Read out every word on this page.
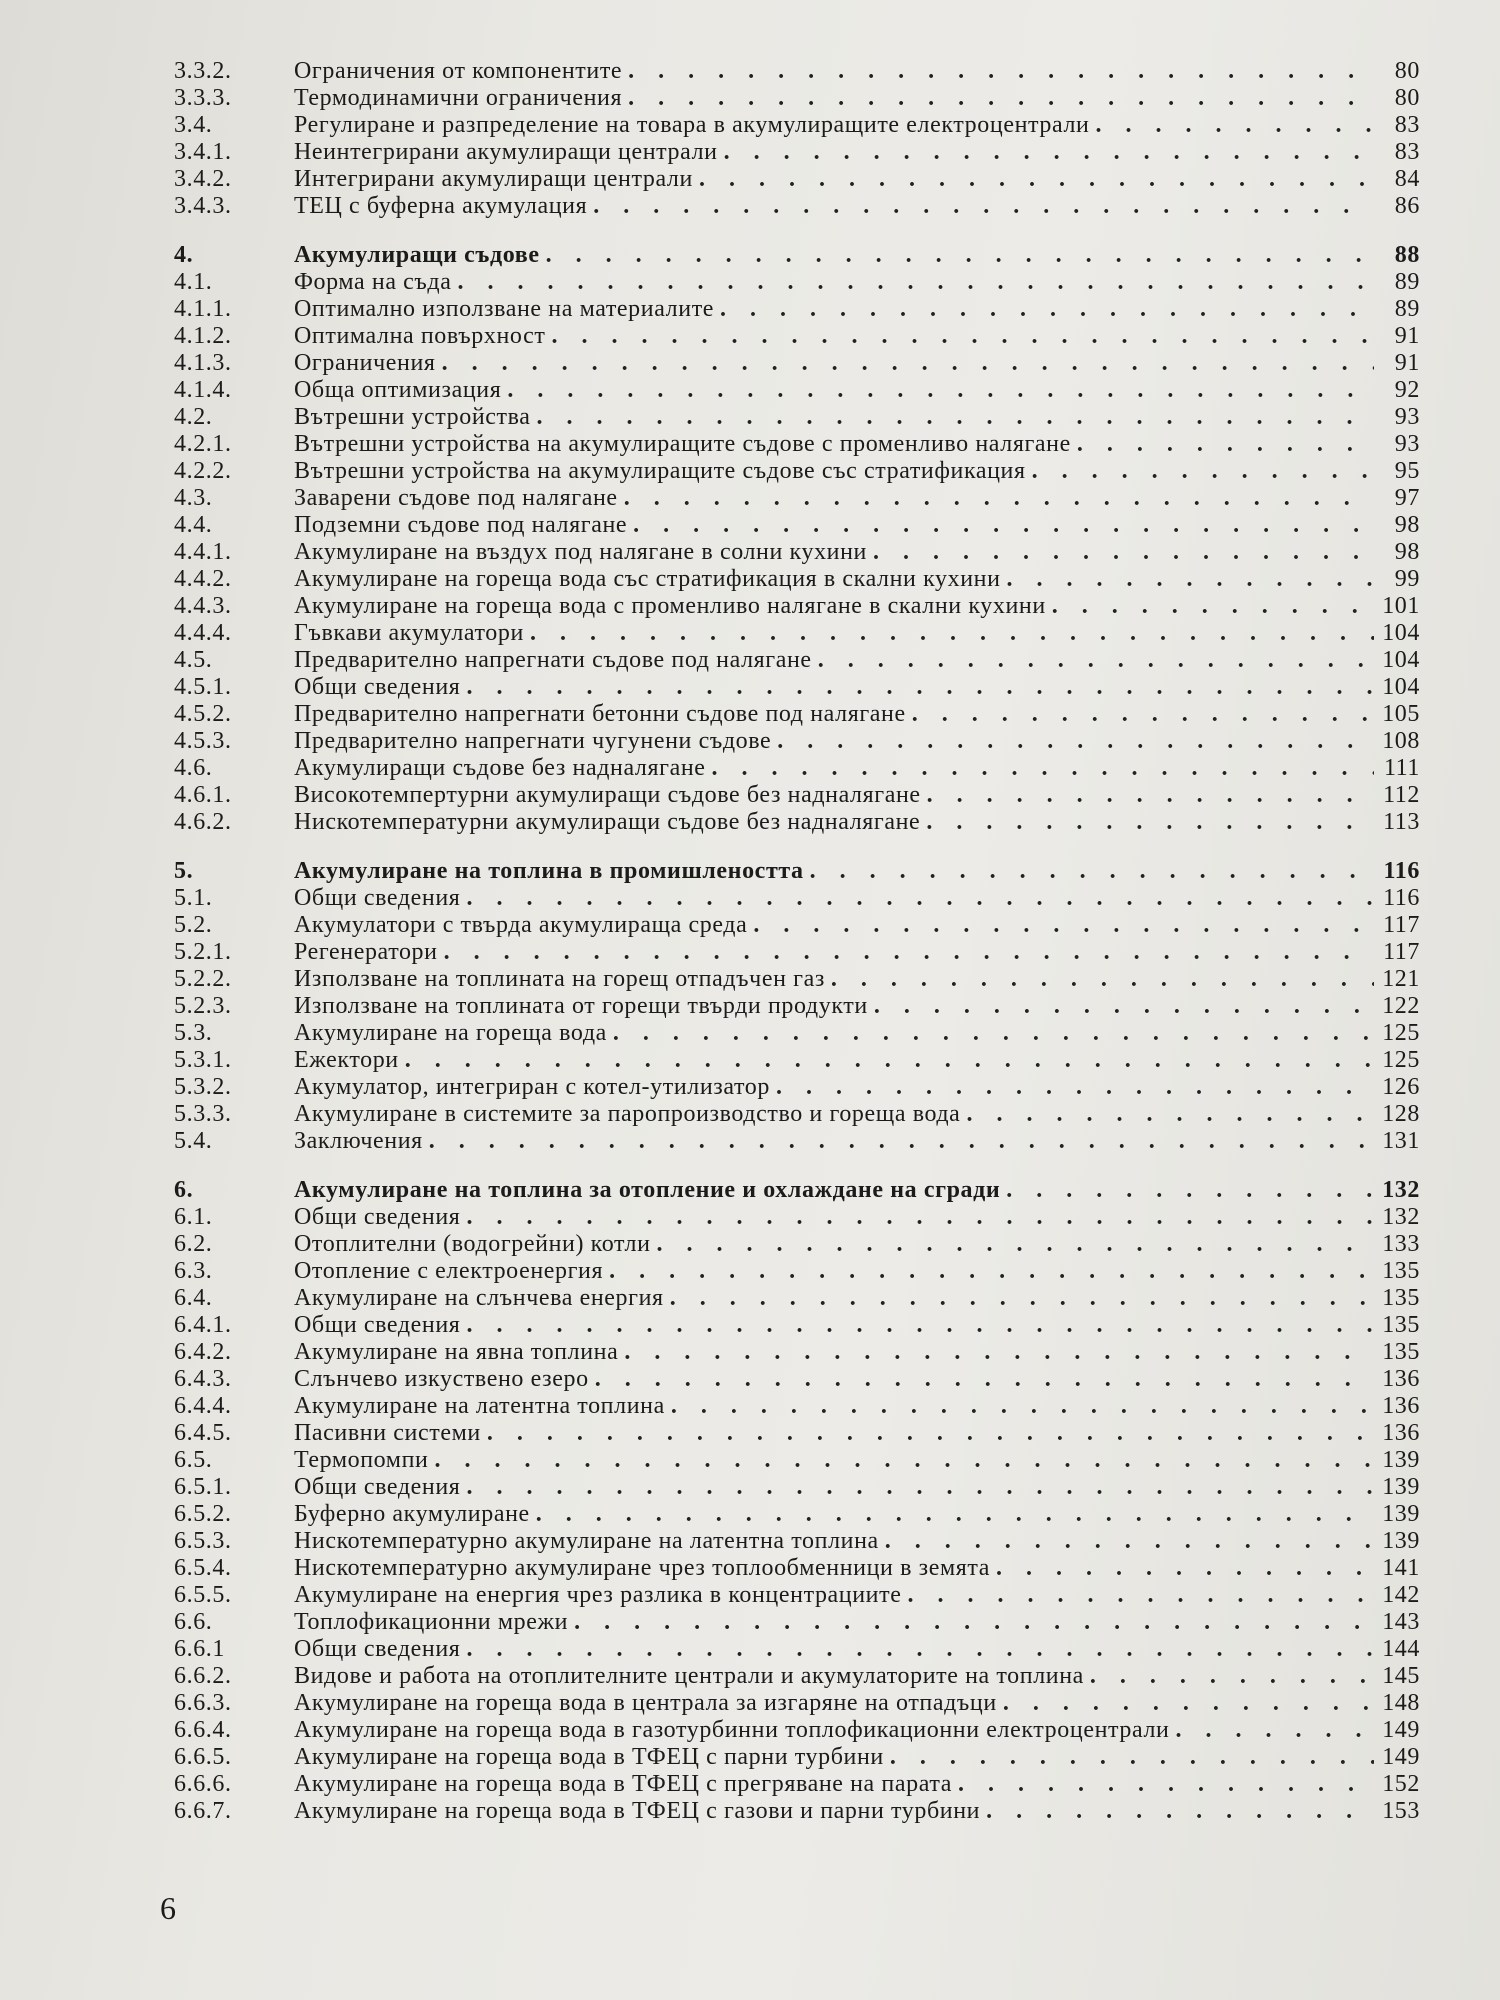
3.3.2.	Ограничения от компонентите . . .	80
3.3.3.	Термодинамични ограничения . . .	80
3.4.	Регулиране и разпределение на товара в акумулиращите електроцентрали . . .	83
3.4.1.	Неинтегрирани акумулиращи централи . . .	83
3.4.2.	Интегрирани акумулиращи централи . . .	84
3.4.3.	ТЕЦ с буферна акумулация . . .	86
4.	Акумулиращи съдове . . .	88
4.1.	Форма на съда . . .	89
4.1.1.	Оптимално използване на материалите . . .	89
4.1.2.	Оптимална повърхност . . .	91
4.1.3.	Ограничения . . .	91
4.1.4.	Обща оптимизация . . .	92
4.2.	Вътрешни устройства . . .	93
4.2.1.	Вътрешни устройства на акумулиращите съдове с променливо налягане . . .	93
4.2.2.	Вътрешни устройства на акумулиращите съдове със стратификация . . .	95
4.3.	Заварени съдове под налягане . . .	97
4.4.	Подземни съдове под налягане . . .	98
4.4.1.	Акумулиране на въздух под налягане в солни кухини . . .	98
4.4.2.	Акумулиране на гореща вода със стратификация в скални кухини . . .	99
4.4.3.	Акумулиране на гореща вода с променливо налягане в скални кухини . . .	101
4.4.4.	Гъвкави акумулатори . . .	104
4.5.	Предварително напрегнати съдове под налягане . . .	104
4.5.1.	Общи сведения . . .	104
4.5.2.	Предварително напрегнати бетонни съдове под налягане . . .	105
4.5.3.	Предварително напрегнати чугунени съдове . . .	108
4.6.	Акумулиращи съдове без надналягане . . .	111
4.6.1.	Високотемпертурни акумулиращи съдове без надналягане . . .	112
4.6.2.	Нискотемпературни акумулиращи съдове без надналягане . . .	113
5.	Акумулиране на топлина в промишлеността . . .	116
5.1.	Общи сведения . . .	116
5.2.	Акумулатори с твърда акумулираща среда . . .	117
5.2.1.	Регенератори . . .	117
5.2.2.	Използване на топлината на горещ отпадъчен газ . . .	121
5.2.3.	Използване на топлината от горещи твърди продукти . . .	122
5.3.	Акумулиране на гореща вода . . .	125
5.3.1.	Ежектори . . .	125
5.3.2.	Акумулатор, интегриран с котел-утилизатор . . .	126
5.3.3.	Акумулиране в системите за паропроизводство и гореща вода . . .	128
5.4.	Заключения . . .	131
6.	Акумулиране на топлина за отопление и охлаждане на сгради . . .	132
6.1.	Общи сведения . . .	132
6.2.	Отоплителни (водогрейни) котли . . .	133
6.3.	Отопление с електроенергия . . .	135
6.4.	Акумулиране на слънчева енергия . . .	135
6.4.1.	Общи сведения . . .	135
6.4.2.	Акумулиране на явна топлина . . .	135
6.4.3.	Слънчево изкуствено езеро . . .	136
6.4.4.	Акумулиране на латентна топлина . . .	136
6.4.5.	Пасивни системи . . .	136
6.5.	Термопомпи . . .	139
6.5.1.	Общи сведения . . .	139
6.5.2.	Буферно акумулиране . . .	139
6.5.3.	Нискотемпературно акумулиране на латентна топлина . . .	139
6.5.4.	Нискотемпературно акумулиране чрез топлообменници в земята . . .	141
6.5.5.	Акумулиране на енергия чрез разлика в концентрациите . . .	142
6.6.	Топлофикационни мрежи . . .	143
6.6.1	Общи сведения . . .	144
6.6.2.	Видове и работа на отоплителните централи и акумулаторите на топлина . . .	145
6.6.3.	Акумулиране на гореща вода в централа за изгаряне на отпадъци . . .	148
6.6.4.	Акумулиране на гореща вода в газотурбинни топлофикационни електроцентрали . . .	149
6.6.5.	Акумулиране на гореща вода в ТФЕЦ с парни турбини . . .	149
6.6.6.	Акумулиране на гореща вода в ТФЕЦ с прегряване на парата . . .	152
6.6.7.	Акумулиране на гореща вода в ТФЕЦ с газови и парни турбини . . .	153
6
